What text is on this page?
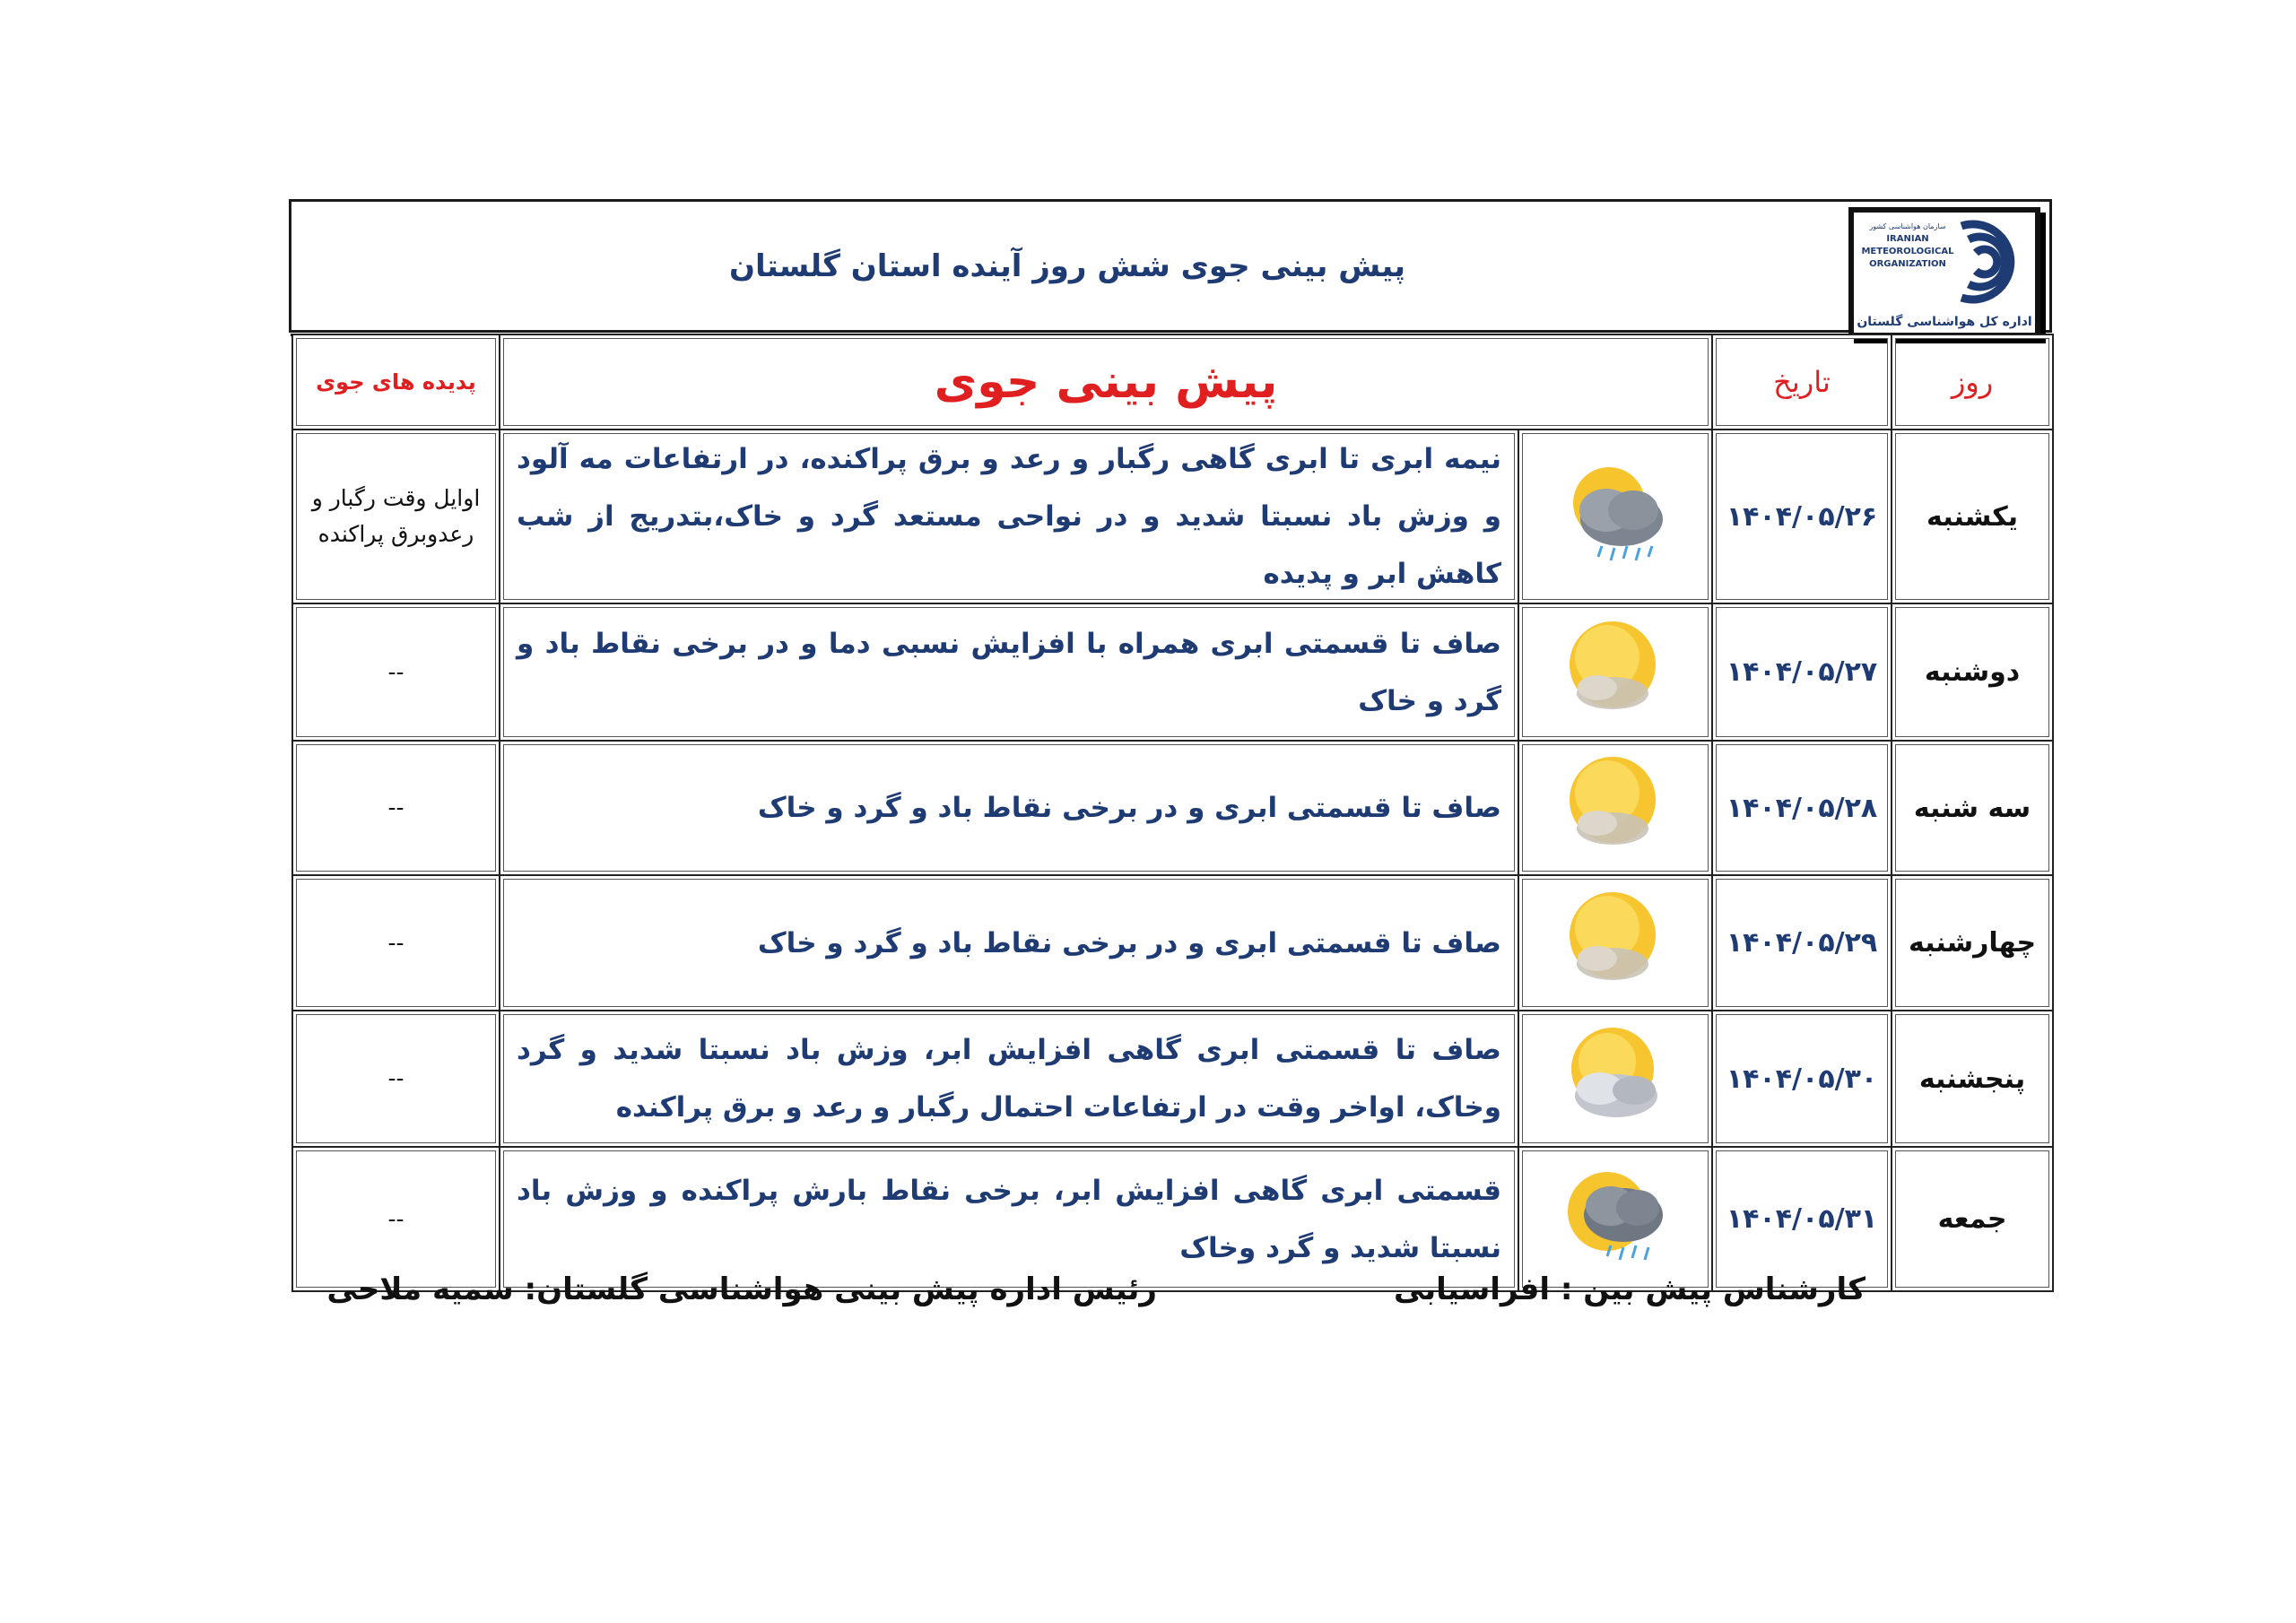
پیش بینی جوی شش روز آینده استان گلستان
سازمان هواشناسی کشور
IRANIAN
METEOROLOGICAL
ORGANIZATION
اداره کل هواشناسی گلستان
روز	تاریخ	پیش بینی جوی		پدیده های جوی
یکشنبه	۱۴۰۴/۰۵/۲۶		نیمه ابری تا ابری گاهی رگبار و رعد و برق پراکنده، در ارتفاعات مه آلود و وزش باد نسبتا شدید و در نواحی مستعد گرد و خاک،بتدریج از شب کاهش ابر و پدیده	اوایل وقت رگبار و رعدوبرق پراکنده
دوشنبه	۱۴۰۴/۰۵/۲۷		صاف تا قسمتی ابری همراه با افزایش نسبی دما و در برخی نقاط باد و گرد و خاک	--
سه شنبه	۱۴۰۴/۰۵/۲۸		صاف تا قسمتی ابری و در برخی نقاط باد و گرد و خاک	--
چهارشنبه	۱۴۰۴/۰۵/۲۹		صاف تا قسمتی ابری و در برخی نقاط باد و گرد و خاک	--
پنجشنبه	۱۴۰۴/۰۵/۳۰		صاف تا قسمتی ابری گاهی افزایش ابر، وزش باد نسبتا شدید و گرد وخاک، اواخر وقت در ارتفاعات احتمال رگبار و رعد و برق پراکنده	--
جمعه	۱۴۰۴/۰۵/۳۱		قسمتی ابری گاهی افزایش ابر، برخی نقاط بارش پراکنده و وزش باد نسبتا شدید و گرد وخاک	--
کارشناس پیش بین : افراسیابی
رئیس اداره پیش بینی هواشناسی گلستان: سمیه ملاحی
